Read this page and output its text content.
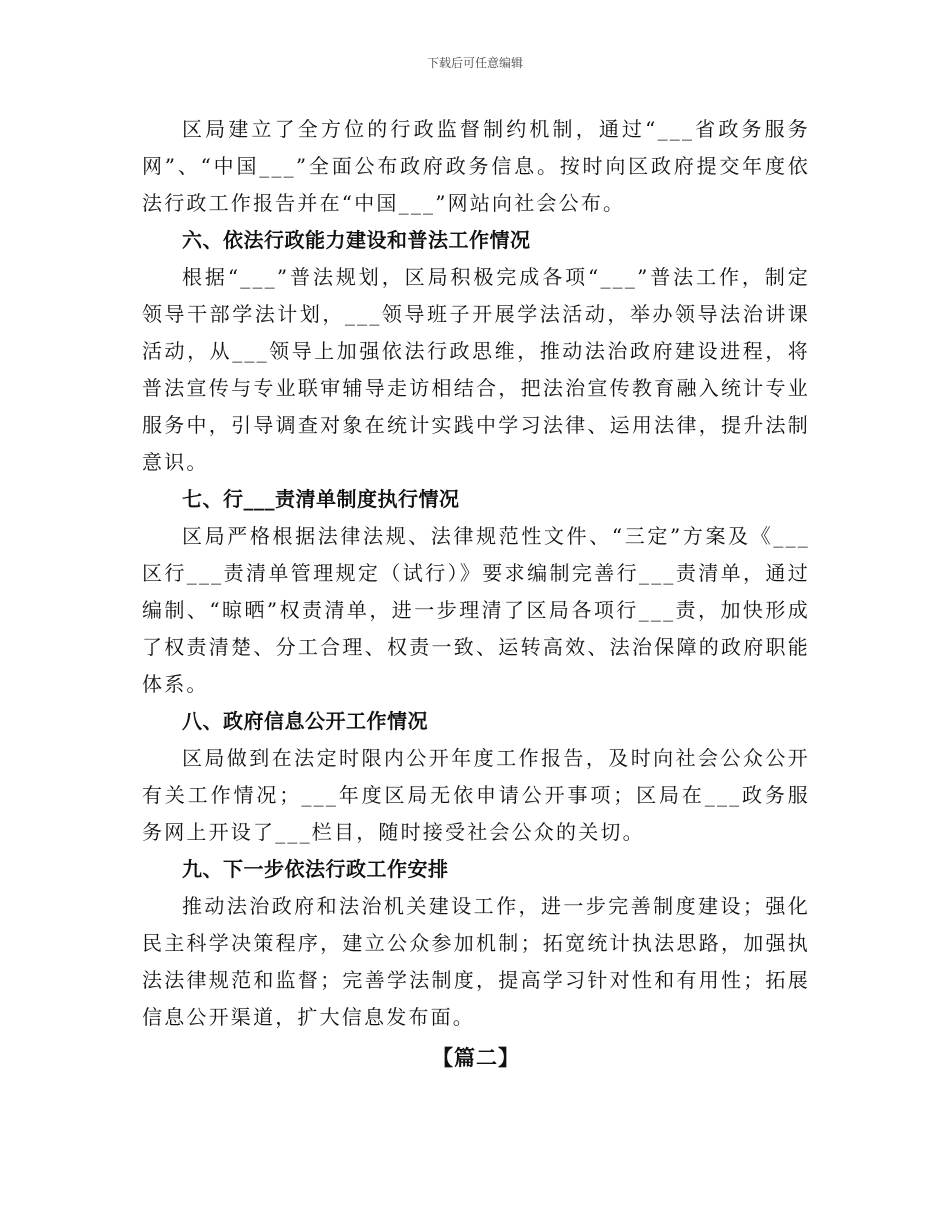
下载后可任意编辑

区局建立了全方位的行政监督制约机制，通过“___省政务服务网”、“中国___”全面公布政府政务信息。按时向区政府提交年度依法行政工作报告并在“中国___”网站向社会公布。

六、依法行政能力建设和普法工作情况

根据“___”普法规划，区局积极完成各项“___”普法工作，制定领导干部学法计划，___领导班子开展学法活动，举办领导法治讲课活动，从___领导上加强依法行政思维，推动法治政府建设进程，将普法宣传与专业联审辅导走访相结合，把法治宣传教育融入统计专业服务中，引导调查对象在统计实践中学习法律、运用法律，提升法制意识。

七、行___责清单制度执行情况

区局严格根据法律法规、法律规范性文件、“三定”方案及《___区行___责清单管理规定（试行）》要求编制完善行___责清单，通过编制、“晾晒”权责清单，进一步理清了区局各项行___责，加快形成了权责清楚、分工合理、权责一致、运转高效、法治保障的政府职能体系。

八、政府信息公开工作情况

区局做到在法定时限内公开年度工作报告，及时向社会公众公开有关工作情况；___年度区局无依申请公开事项；区局在___政务服务网上开设了___栏目，随时接受社会公众的关切。

九、下一步依法行政工作安排

推动法治政府和法治机关建设工作，进一步完善制度建设；强化民主科学决策程序，建立公众参加机制；拓宽统计执法思路，加强执法法律规范和监督；完善学法制度，提高学习针对性和有用性；拓展信息公开渠道，扩大信息发布面。

【篇二】
